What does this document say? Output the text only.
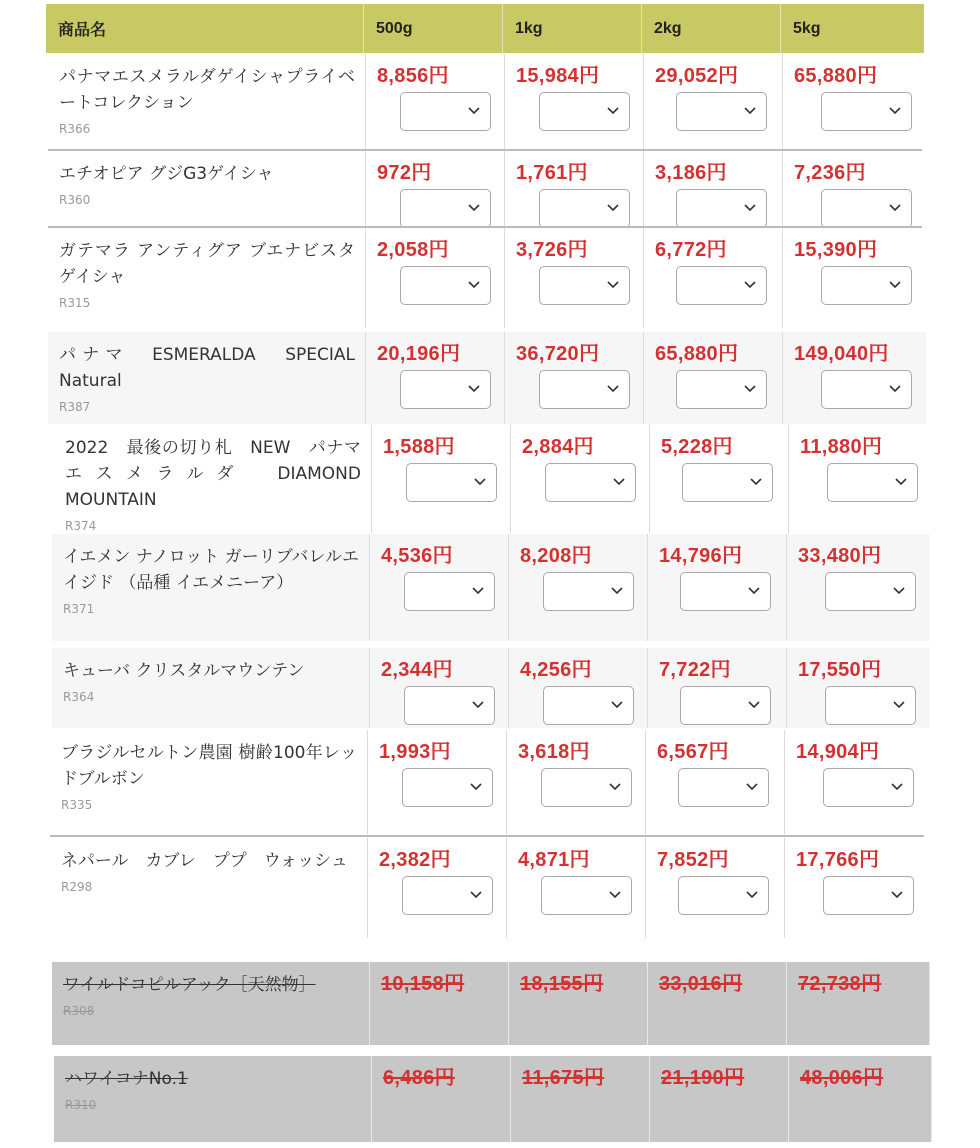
商品名	500g	1kg	2kg	5kg
パナマエスメラルダゲイシャプライベートコレクション
R366
8,856円	15,984円	29,052円	65,880円
エチオピア グジG3ゲイシャ
R360
972円	1,761円	3,186円	7,236円
ガテマラ アンティグア ブエナビスタゲイシャ
R315
2,058円	3,726円	6,772円	15,390円
パナマ　ESMERALDA　SPECIAL　Natural
R387
20,196円	36,720円	65,880円	149,040円
2022　最後の切り札　NEW　パナマ　エスメラルダ　DIAMOND MOUNTAIN
R374
1,588円	2,884円	5,228円	11,880円
イエメン ナノロット ガーリブバレルエイジド （品種 イエメニーア）
R371
4,536円	8,208円	14,796円	33,480円
キューバ クリスタルマウンテン
R364
2,344円	4,256円	7,722円	17,550円
ブラジルセルトン農園 樹齢100年レッドブルボン
R335
1,993円	3,618円	6,567円	14,904円
ネパール　カブレ　ププ　ウォッシュ
R298
2,382円	4,871円	7,852円	17,766円
ワイルドコピルアック［天然物］
R308
10,158円	18,155円	33,016円	72,738円
ハワイコナNo.1
R310
6,486円	11,675円	21,190円	48,006円
